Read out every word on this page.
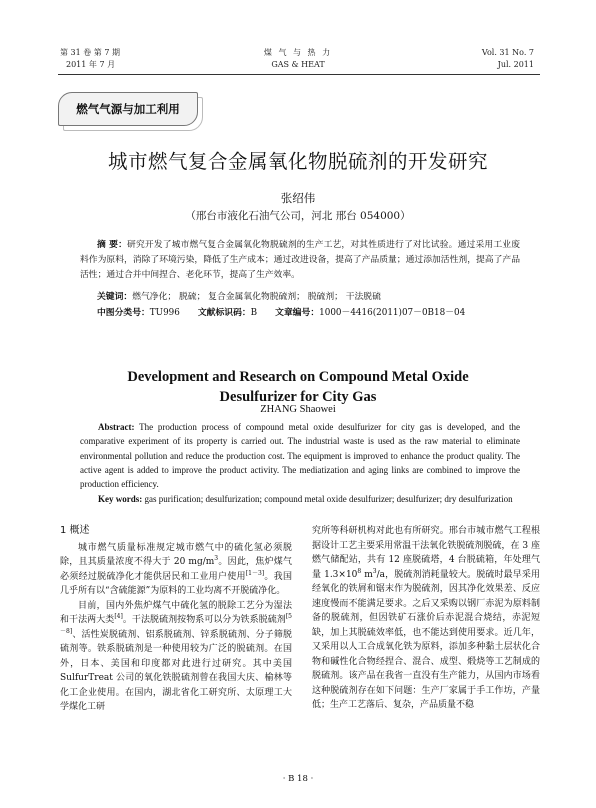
第 31 卷 第 7 期
2011 年 7 月
煤 气 与 热 力
GAS & HEAT
Vol. 31 No. 7
Jul. 2011
燃气气源与加工利用
城市燃气复合金属氧化物脱硫剂的开发研究
张绍伟
（邢台市液化石油气公司，河北 邢台 054000）
摘 要：研究开发了城市燃气复合金属氧化物脱硫剂的生产工艺，对其性质进行了对比试验。通过采用工业废料作为原料，消除了环境污染，降低了生产成本；通过改进设备，提高了产品质量；通过添加活性剂，提高了产品活性；通过合并中间捏合、老化环节，提高了生产效率。
关键词：燃气净化； 脱硫； 复合金属氧化物脱硫剂； 脱硫剂； 干法脱硫
中图分类号：TU996 文献标识码：B 文章编号：1000－4416(2011)07－0B18－04
Development and Research on Compound Metal Oxide
Desulfurizer for City Gas
ZHANG Shaowei
Abstract: The production process of compound metal oxide desulfurizer for city gas is developed, and the comparative experiment of its property is carried out. The industrial waste is used as the raw material to eliminate environmental pollution and reduce the production cost. The equipment is improved to enhance the product quality. The active agent is added to improve the product activity. The mediatization and aging links are combined to improve the production efficiency.
Key words: gas purification; desulfurization; compound metal oxide desulfurizer; desulfurizer; dry desulfurization

1 概述

城市燃气质量标准规定城市燃气中的硫化氢必须脱除，且其质量浓度不得大于 20 $mg/m^3$。因此，焦炉煤气必须经过脱硫净化才能供居民和工业用户使用[1－3]。我国几乎所有以“含硫能源”为原料的工业均离不开脱硫净化。

目前，国内外焦炉煤气中硫化氢的脱除工艺分为湿法和干法两大类[4]。干法脱硫剂按物系可以分为铁系脱硫剂[5－8]、活性炭脱硫剂、铝系脱硫剂、锌系脱硫剂、分子筛脱硫剂等。铁系脱硫剂是一种使用较为广泛的脱硫剂。在国外，日本、美国和印度都对此进行过研究。其中美国 SulfurTreat 公司的氧化铁脱硫剂曾在我国大庆、榆林等化工企业使用。在国内，湖北省化工研究所、太原理工大学煤化工研

究所等科研机构对此也有所研究。邢台市城市燃气工程根据设计工艺主要采用常温干法氧化铁脱硫剂脱硫，在 3 座燃气储配站，共有 12 座脱硫塔，4 台脱硫箱，年处理气量 $1.3\times 10^8$ $m^3/a$，脱硫剂消耗量较大。脱硫时最早采用经氧化的铁屑和锯末作为脱硫剂，因其净化效果差、反应速度慢而不能满足要求。之后又采购以钢厂赤泥为原料制备的脱硫剂，但因铁矿石涨价后赤泥混合烧结，赤泥短缺，加上其脱硫效率低，也不能达到使用要求。近几年，又采用以人工合成氧化铁为原料，添加多种黏土层状化合物和碱性化合物经捏合、混合、成型、煅烧等工艺制成的脱硫剂。该产品在我省一直没有生产能力，从国内市场看这种脱硫剂存在如下问题：生产厂家属于手工作坊，产量低；生产工艺落后、复杂，产品质量不稳

· B 18 ·
